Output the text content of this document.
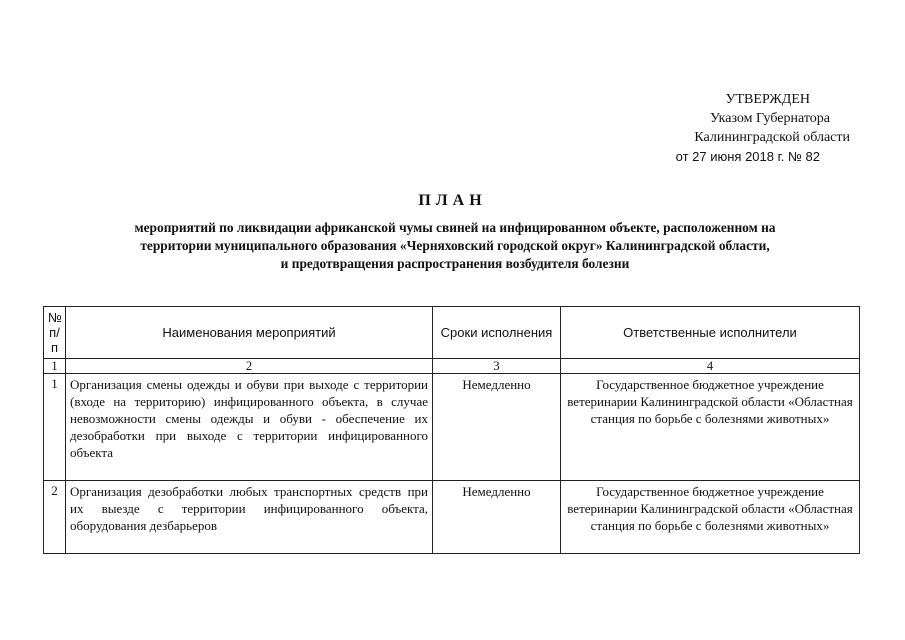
УТВЕРЖДЕН
Указом Губернатора
Калининградской области
от 27 июня 2018 г. № 82
ПЛАН
мероприятий по ликвидации африканской чумы свиней на инфицированном объекте, расположенном на
территории муниципального образования «Черняховский городской округ» Калининградской области,
и предотвращения распространения возбудителя болезни
№ п/п	Наименования мероприятий	Сроки исполнения	Ответственные исполнители
1	2	3	4
1	Организация смены одежды и обуви при выходе с территории (входе на территорию) инфицированного объекта, в случае невозможности смены одежды и обуви - обеспечение их дезобработки при выходе с территории инфицированного объекта	Немедленно	Государственное бюджетное учреждение ветеринарии Калининградской области «Областная станция по борьбе с болезнями животных»
2	Организация дезобработки любых транспортных средств при их выезде с территории инфицированного объекта, оборудования дезбарьеров	Немедленно	Государственное бюджетное учреждение ветеринарии Калининградской области «Областная станция по борьбе с болезнями животных»
